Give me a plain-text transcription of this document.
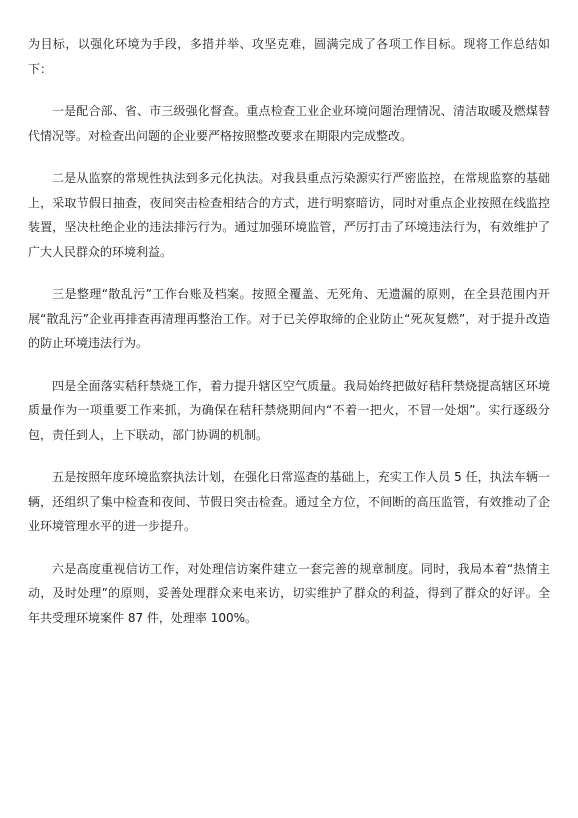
为目标，以强化环境为手段，多措并举、攻坚克难，圆满完成了各项工作目标。现将工作总结如下：

一是配合部、省、市三级强化督查。重点检查工业企业环境问题治理情况、清洁取暖及燃煤替代情况等。对检查出问题的企业要严格按照整改要求在期限内完成整改。

二是从监察的常规性执法到多元化执法。对我县重点污染源实行严密监控，在常规监察的基础上，采取节假日抽查，夜间突击检查相结合的方式，进行明察暗访，同时对重点企业按照在线监控装置，坚决杜绝企业的违法排污行为。通过加强环境监管，严厉打击了环境违法行为，有效维护了广大人民群众的环境利益。

三是整理“散乱污”工作台账及档案。按照全覆盖、无死角、无遗漏的原则，在全县范围内开展“散乱污”企业再排查再清理再整治工作。对于已关停取缔的企业防止“死灰复燃”，对于提升改造的防止环境违法行为。

四是全面落实秸秆禁烧工作，着力提升辖区空气质量。我局始终把做好秸秆禁烧提高辖区环境质量作为一项重要工作来抓，为确保在秸秆禁烧期间内“不着一把火，不冒一处烟”。实行逐级分包，责任到人，上下联动，部门协调的机制。

五是按照年度环境监察执法计划，在强化日常巡查的基础上，充实工作人员 5 任，执法车辆一辆，还组织了集中检查和夜间、节假日突击检查。通过全方位，不间断的高压监管，有效推动了企业环境管理水平的进一步提升。

六是高度重视信访工作，对处理信访案件建立一套完善的规章制度。同时，我局本着“热情主动，及时处理”的原则，妥善处理群众来电来访，切实维护了群众的利益，得到了群众的好评。全年共受理环境案件 87 件，处理率 100%。
